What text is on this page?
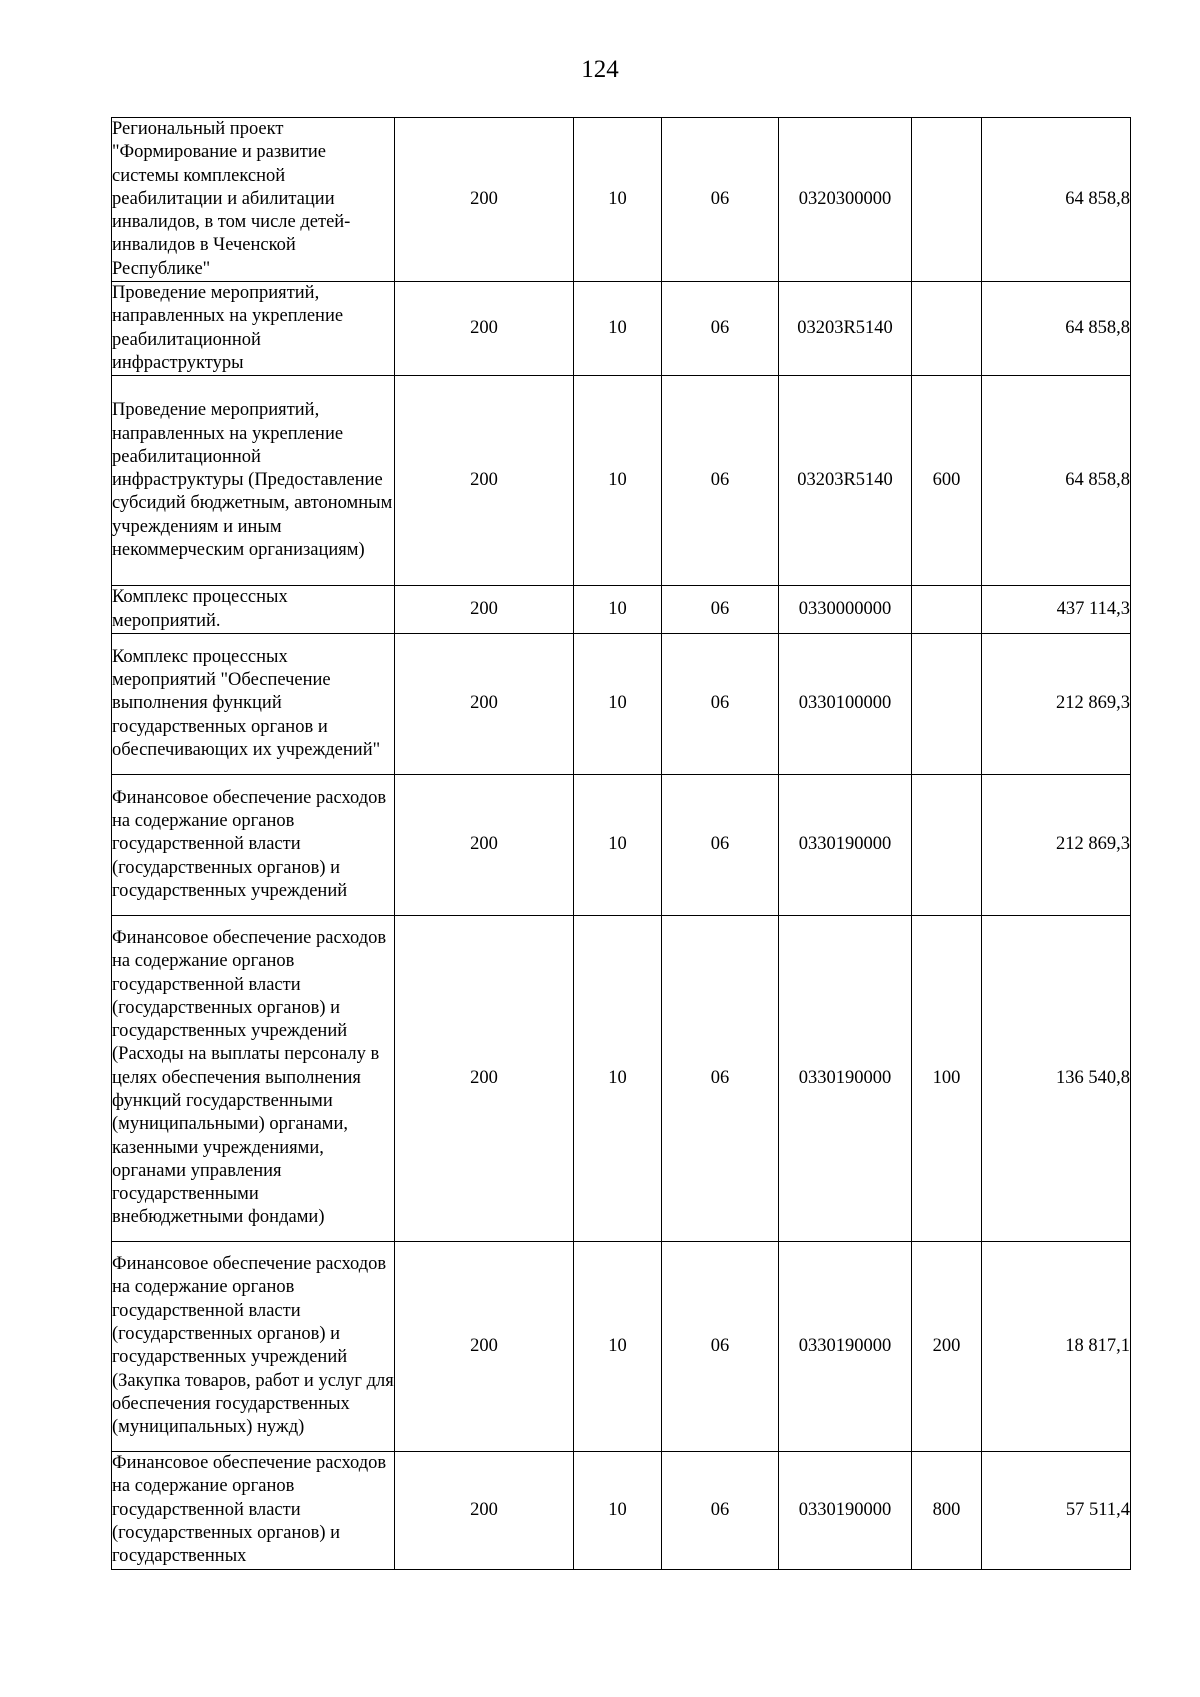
124
Региональный проект "Формирование и развитие системы комплексной реабилитации и абилитации инвалидов, в том числе детей-инвалидов в Чеченской Республике"	200	10	06	0320300000		64 858,8
Проведение мероприятий, направленных на укрепление реабилитационной инфраструктуры	200	10	06	03203R5140		64 858,8
Проведение мероприятий, направленных на укрепление реабилитационной инфраструктуры (Предоставление субсидий бюджетным, автономным учреждениям и иным некоммерческим организациям)	200	10	06	03203R5140	600	64 858,8
Комплекс процессных мероприятий.	200	10	06	0330000000		437 114,3
Комплекс процессных мероприятий "Обеспечение выполнения функций государственных органов и обеспечивающих их учреждений"	200	10	06	0330100000		212 869,3
Финансовое обеспечение расходов на содержание органов государственной власти (государственных органов) и государственных учреждений	200	10	06	0330190000		212 869,3
Финансовое обеспечение расходов на содержание органов государственной власти (государственных органов) и государственных учреждений (Расходы на выплаты персоналу в целях обеспечения выполнения функций государственными (муниципальными) органами, казенными учреждениями, органами управления государственными внебюджетными фондами)	200	10	06	0330190000	100	136 540,8
Финансовое обеспечение расходов на содержание органов государственной власти (государственных органов) и государственных учреждений (Закупка товаров, работ и услуг для обеспечения государственных (муниципальных) нужд)	200	10	06	0330190000	200	18 817,1
Финансовое обеспечение расходов на содержание органов государственной власти (государственных органов) и государственных	200	10	06	0330190000	800	57 511,4
